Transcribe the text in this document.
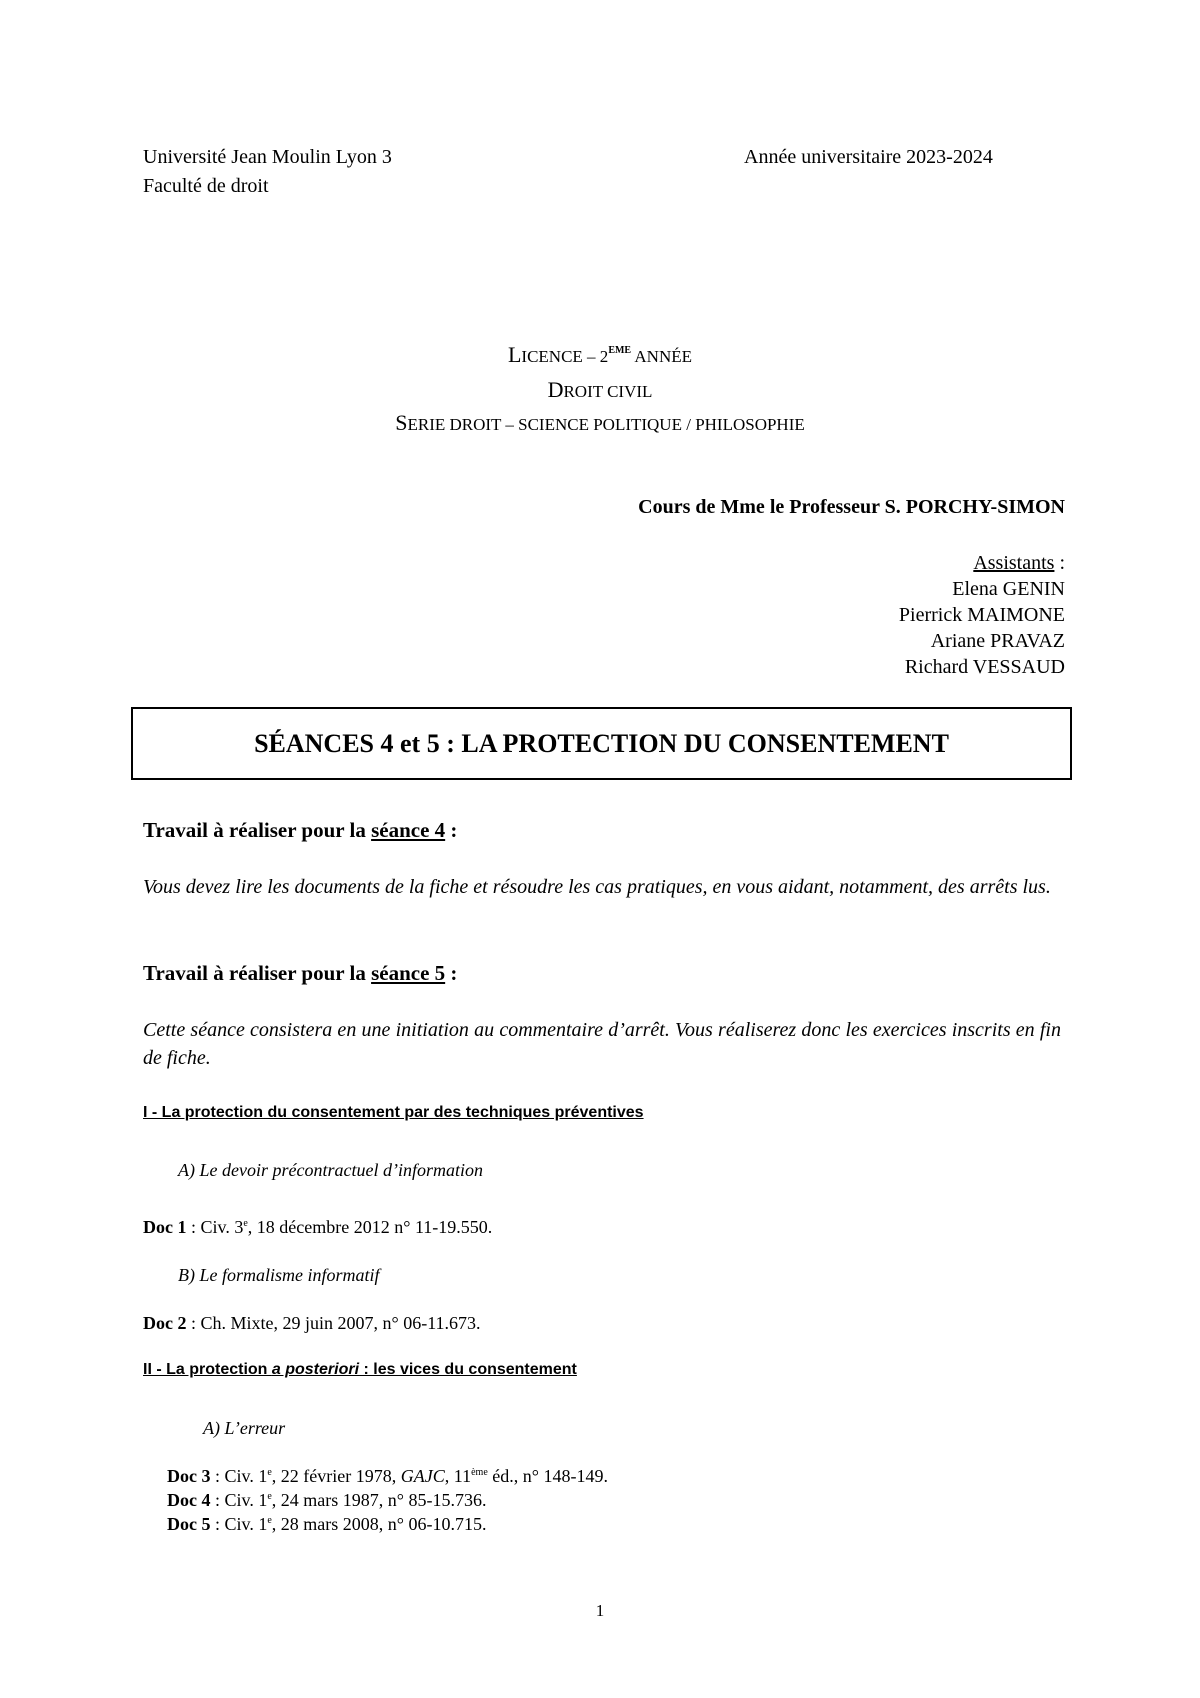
Université Jean Moulin Lyon 3
Faculté de droit
Année universitaire 2023-2024
LICENCE – 2EME ANNÉE
DROIT CIVIL
SERIE DROIT – SCIENCE POLITIQUE / PHILOSOPHIE
Cours de Mme le Professeur S. PORCHY-SIMON
Assistants :
Elena GENIN
Pierrick MAIMONE
Ariane PRAVAZ
Richard VESSAUD
SÉANCES 4 et 5 : LA PROTECTION DU CONSENTEMENT
Travail à réaliser pour la séance 4 :
Vous devez lire les documents de la fiche et résoudre les cas pratiques, en vous aidant, notamment, des arrêts lus.
Travail à réaliser pour la séance 5 :
Cette séance consistera en une initiation au commentaire d’arrêt. Vous réaliserez donc les exercices inscrits en fin de fiche.
I - La protection du consentement par des techniques préventives
A) Le devoir précontractuel d’information
Doc 1 : Civ. 3e, 18 décembre 2012 n° 11-19.550.
B) Le formalisme informatif
Doc 2 : Ch. Mixte, 29 juin 2007, n° 06-11.673.
II - La protection a posteriori : les vices du consentement
A) L’erreur
Doc 3 : Civ. 1e, 22 février 1978, GAJC, 11ème éd., n° 148-149.
Doc 4 : Civ. 1e, 24 mars 1987, n° 85-15.736.
Doc 5 : Civ. 1e, 28 mars 2008, n° 06-10.715.
1
